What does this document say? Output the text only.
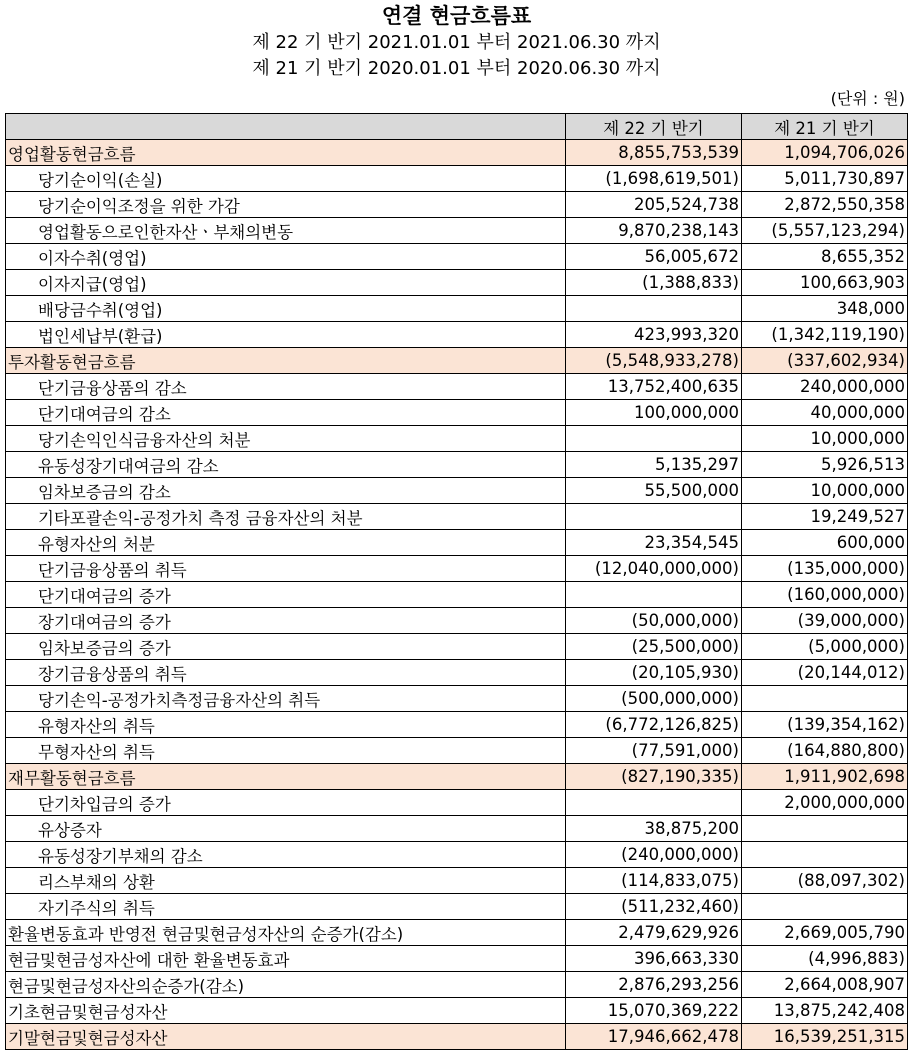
연결 현금흐름표
제 22 기 반기 2021.01.01 부터 2021.06.30 까지
제 21 기 반기 2020.01.01 부터 2020.06.30 까지
(단위 : 원)
	제 22 기 반기	제 21 기 반기
영업활동현금흐름	8,855,753,539	1,094,706,026
당기순이익(손실)	(1,698,619,501)	5,011,730,897
당기순이익조정을 위한 가감	205,524,738	2,872,550,358
영업활동으로인한자산ㆍ부채의변동	9,870,238,143	(5,557,123,294)
이자수취(영업)	56,005,672	8,655,352
이자지급(영업)	(1,388,833)	100,663,903
배당금수취(영업)		348,000
법인세납부(환급)	423,993,320	(1,342,119,190)
투자활동현금흐름	(5,548,933,278)	(337,602,934)
단기금융상품의 감소	13,752,400,635	240,000,000
단기대여금의 감소	100,000,000	40,000,000
당기손익인식금융자산의 처분		10,000,000
유동성장기대여금의 감소	5,135,297	5,926,513
임차보증금의 감소	55,500,000	10,000,000
기타포괄손익-공정가치 측정 금융자산의 처분		19,249,527
유형자산의 처분	23,354,545	600,000
단기금융상품의 취득	(12,040,000,000)	(135,000,000)
단기대여금의 증가		(160,000,000)
장기대여금의 증가	(50,000,000)	(39,000,000)
임차보증금의 증가	(25,500,000)	(5,000,000)
장기금융상품의 취득	(20,105,930)	(20,144,012)
당기손익-공정가치측정금융자산의 취득	(500,000,000)	
유형자산의 취득	(6,772,126,825)	(139,354,162)
무형자산의 취득	(77,591,000)	(164,880,800)
재무활동현금흐름	(827,190,335)	1,911,902,698
단기차입금의 증가		2,000,000,000
유상증자	38,875,200	
유동성장기부채의 감소	(240,000,000)	
리스부채의 상환	(114,833,075)	(88,097,302)
자기주식의 취득	(511,232,460)	
환율변동효과 반영전 현금및현금성자산의 순증가(감소)	2,479,629,926	2,669,005,790
현금및현금성자산에 대한 환율변동효과	396,663,330	(4,996,883)
현금및현금성자산의순증가(감소)	2,876,293,256	2,664,008,907
기초현금및현금성자산	15,070,369,222	13,875,242,408
기말현금및현금성자산	17,946,662,478	16,539,251,315
